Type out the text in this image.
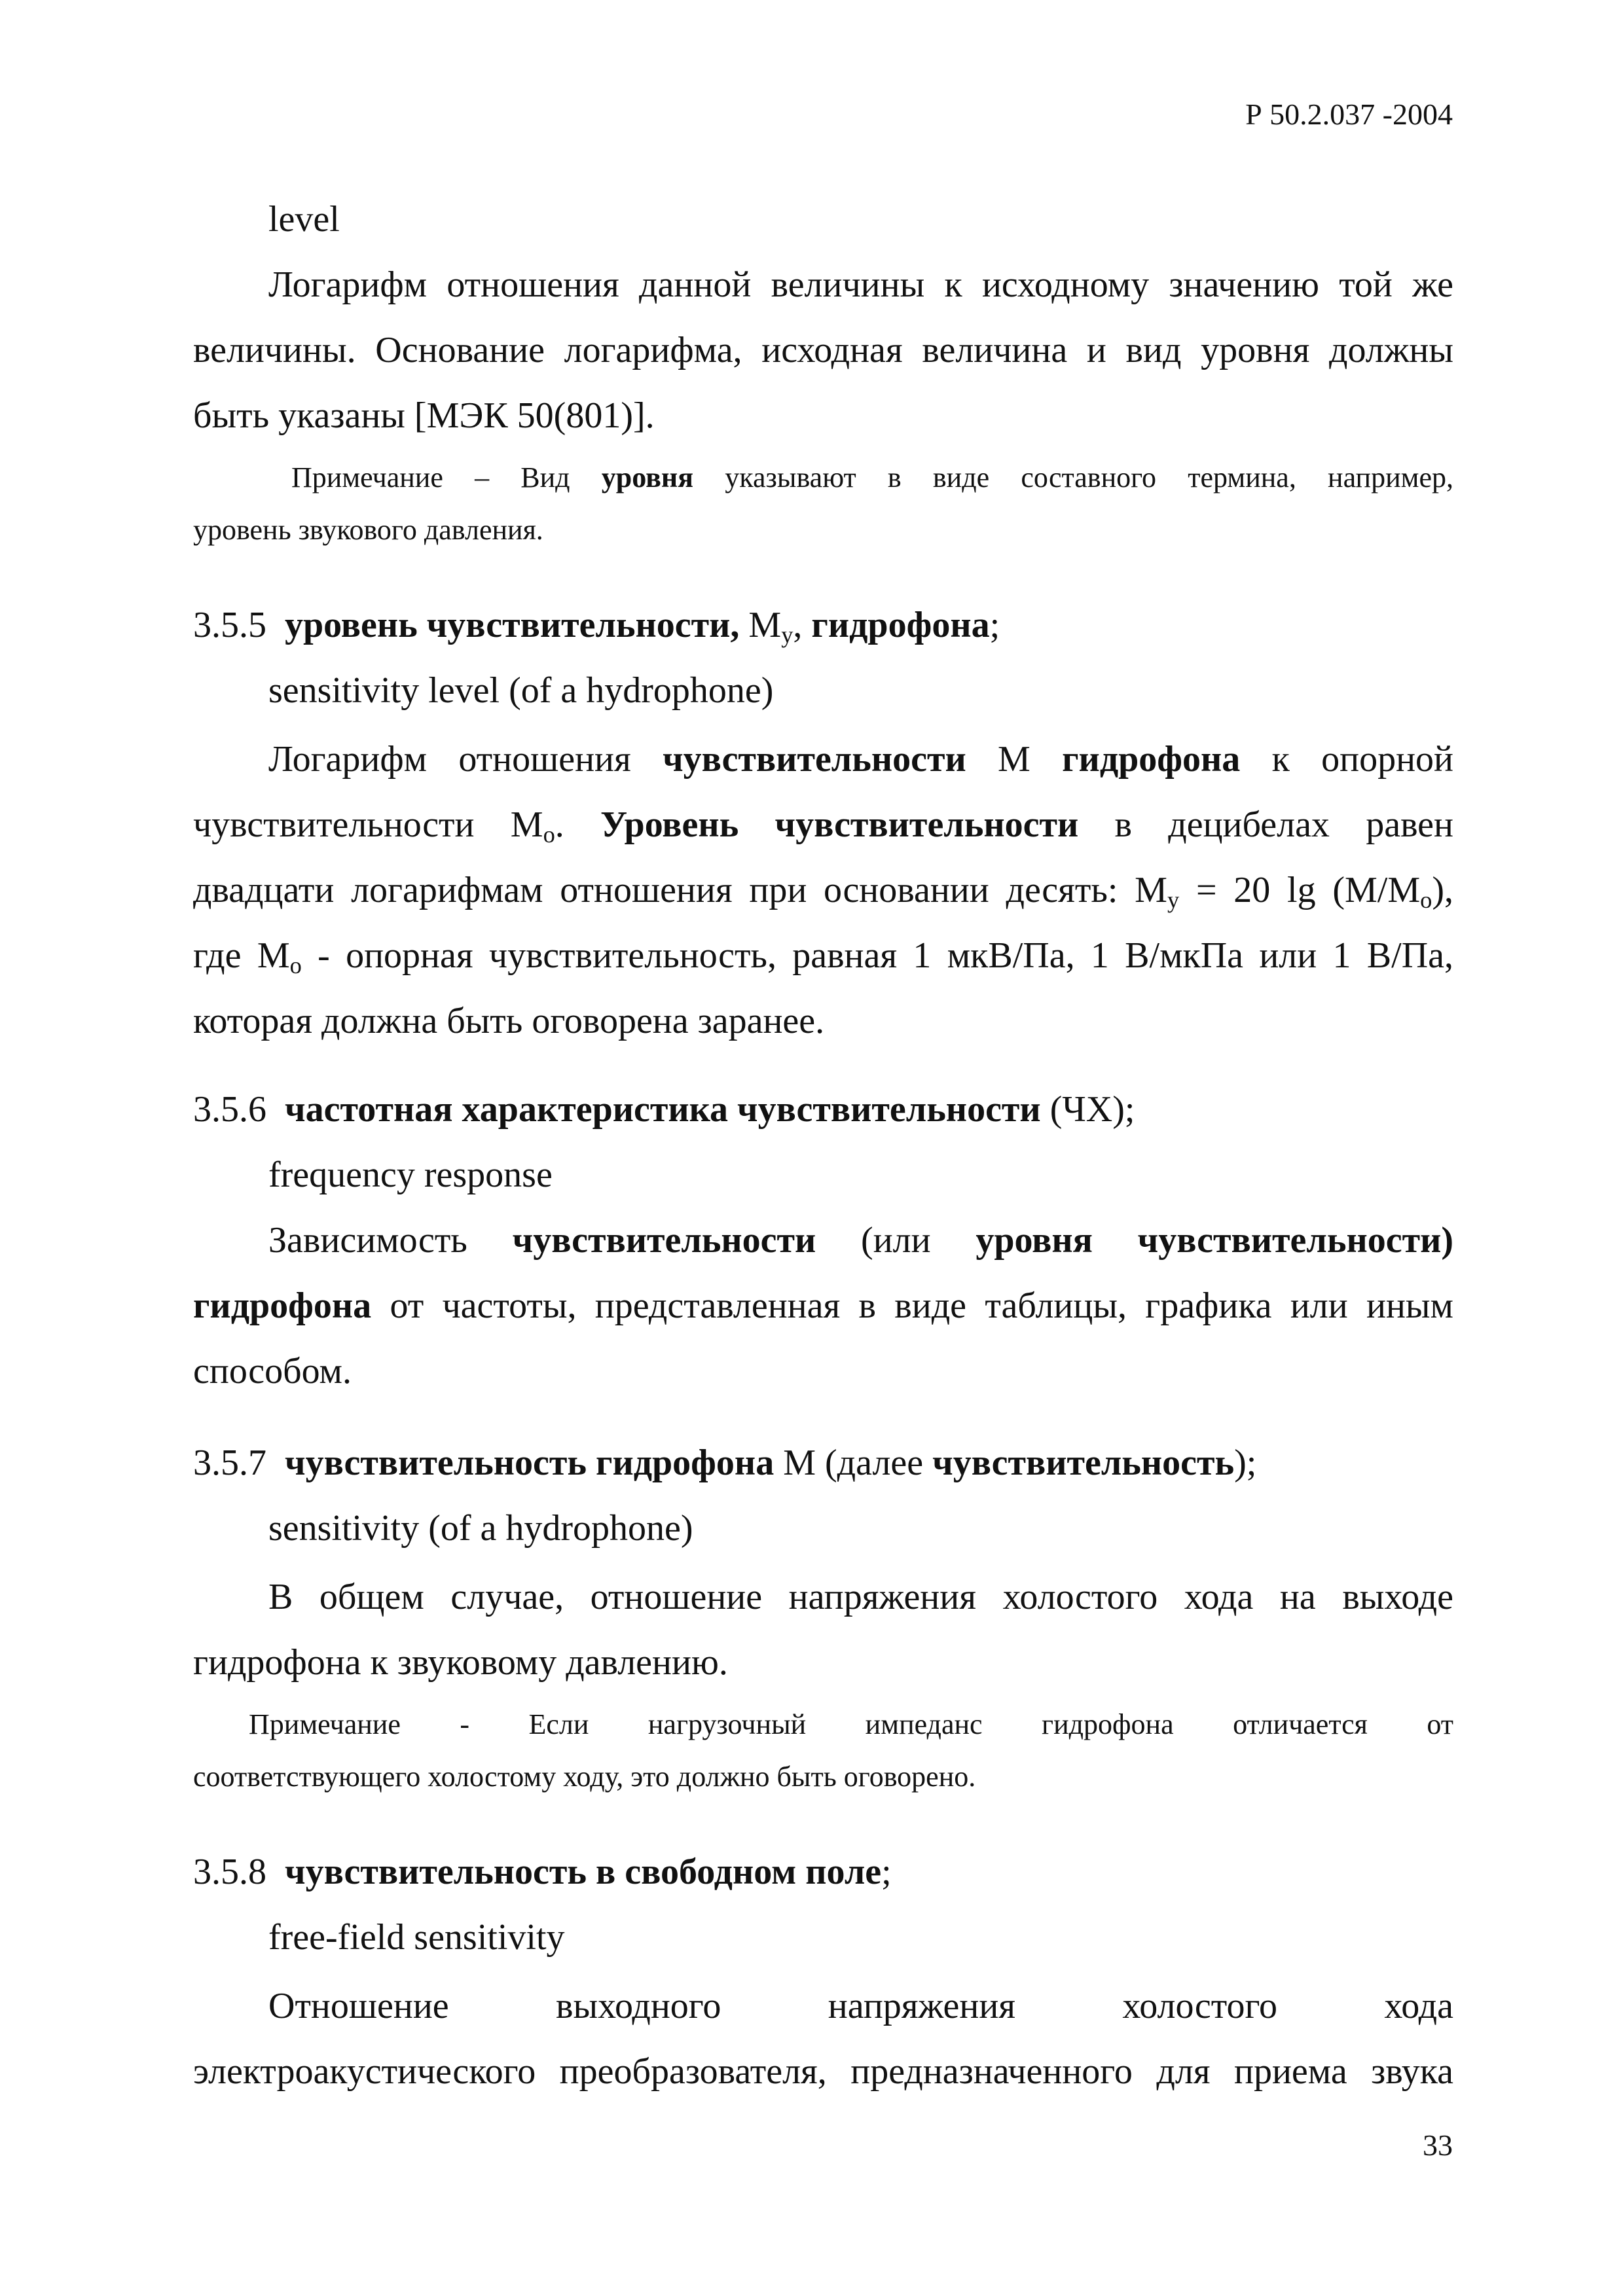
Р 50.2.037 -2004
level
Логарифм отношения данной величины к исходному значению той же
величины. Основание логарифма, исходная величина и вид уровня должны
быть указаны [МЭК 50(801)].
Примечание – Вид уровня указывают в виде составного термина, например,
уровень звукового давления.
3.5.5 уровень чувствительности, $M_y$, гидрофона;
sensitivity level (of a hydrophone)
Логарифм отношения чувствительности M гидрофона к опорной
чувствительности $M_o$. Уровень чувствительности в децибелах равен
двадцати логарифмам отношения при основании десять: $M_y = 20$ $\lg (M/M_o)$,
где $M_o$ - опорная чувствительность, равная 1 мкВ/Па, 1 В/мкПа или 1 В/Па,
которая должна быть оговорена заранее.
3.5.6 частотная характеристика чувствительности (ЧХ);
frequency response
Зависимость чувствительности (или уровня чувствительности)
гидрофона от частоты, представленная в виде таблицы, графика или иным
способом.
3.5.7 чувствительность гидрофона M (далее чувствительность);
sensitivity (of a hydrophone)
В общем случае, отношение напряжения холостого хода на выходе
гидрофона к звуковому давлению.
Примечание - Если нагрузочный импеданс гидрофона отличается от
соответствующего холостому ходу, это должно быть оговорено.
3.5.8 чувствительность в свободном поле;
free-field sensitivity
Отношение выходного напряжения холостого хода
электроакустического преобразователя, предназначенного для приема звука
33
